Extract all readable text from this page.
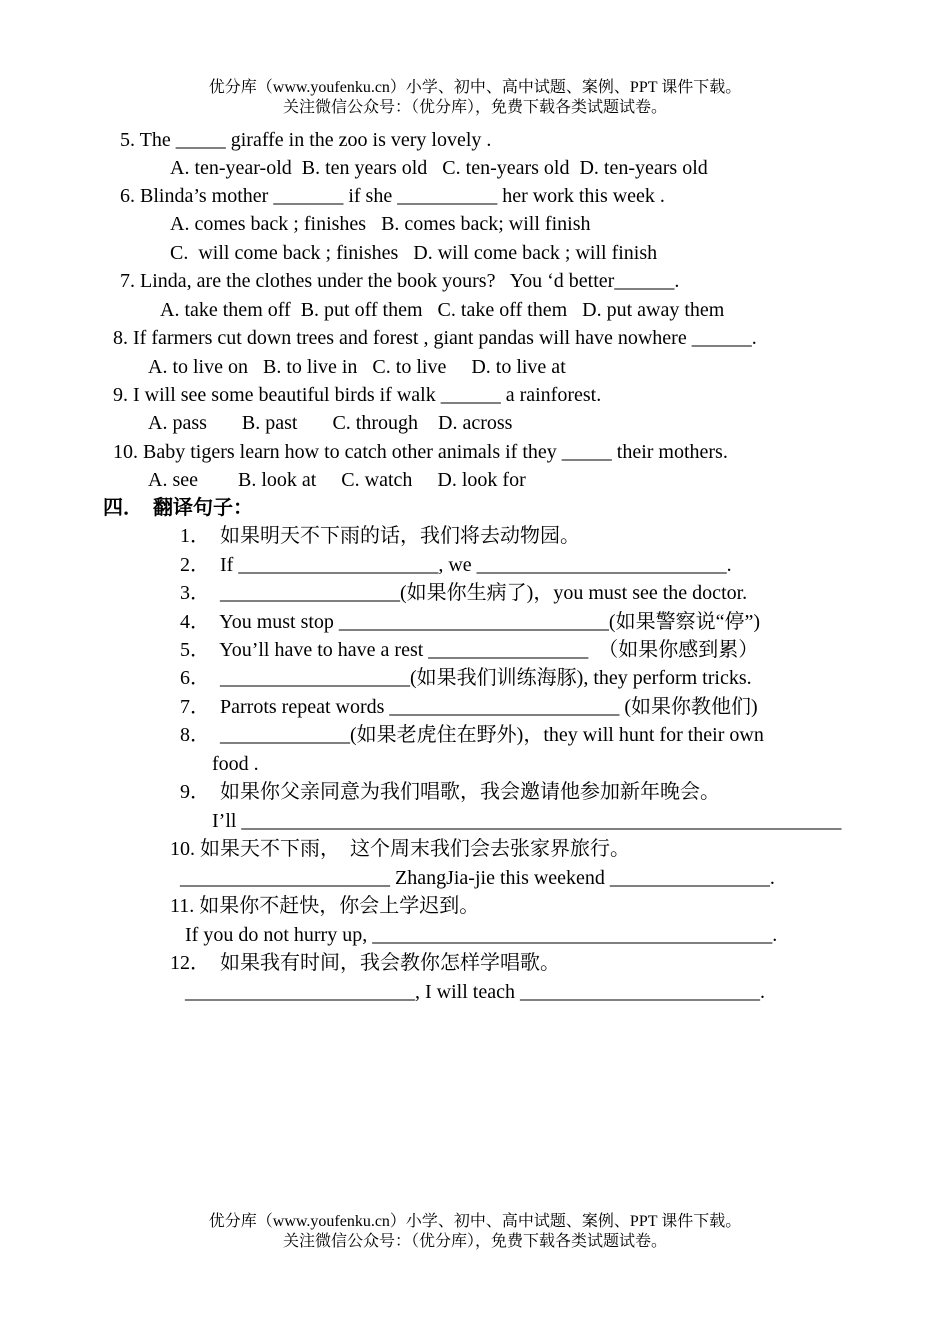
优分库（www.youfenku.cn）小学、初中、高中试题、案例、PPT 课件下载。
关注微信公众号：（优分库），免费下载各类试题试卷。
5. The _____ giraffe in the zoo is very lovely .
A. ten-year-old  B. ten years old   C. ten-years old  D. ten-years old
6. Blinda’s mother _______ if she __________ her work this week .
A. comes back ; finishes   B. comes back; will finish
C.  will come back ; finishes   D. will come back ; will finish
7. Linda, are the clothes under the book yours?   You ‘d better______.
A. take them off  B. put off them   C. take off them   D. put away them
8. If farmers cut down trees and forest , giant pandas will have nowhere ______.
A. to live on   B. to live in   C. to live     D. to live at
9. I will see some beautiful birds if walk ______ a rainforest.
A. pass       B. past       C. through    D. across
10. Baby tigers learn how to catch other animals if they _____ their mothers.
A. see        B. look at     C. watch     D. look for
四．  翻译句子：
1．  如果明天不下雨的话，我们将去动物园。
2．  If ____________________, we _________________________.
3．  __________________(如果你生病了)，you must see the doctor.
4．  You must stop ___________________________(如果警察说“停”)
5．  You’ll have to have a rest ________________  （如果你感到累）
6．  ___________________(如果我们训练海豚), they perform tricks.
7．  Parrots repeat words _______________________ (如果你教他们)
8．  _____________(如果老虎住在野外)，they will hunt for their own
food .
9．  如果你父亲同意为我们唱歌，我会邀请他参加新年晚会。
I’ll ____________________________________________________________
10. 如果天不下雨，  这个周末我们会去张家界旅行。
_____________________ ZhangJia-jie this weekend ________________.
11. 如果你不赶快，你会上学迟到。
If you do not hurry up, ________________________________________.
12．  如果我有时间，我会教你怎样学唱歌。
_______________________, I will teach ________________________.
优分库（www.youfenku.cn）小学、初中、高中试题、案例、PPT 课件下载。
关注微信公众号：（优分库），免费下载各类试题试卷。
